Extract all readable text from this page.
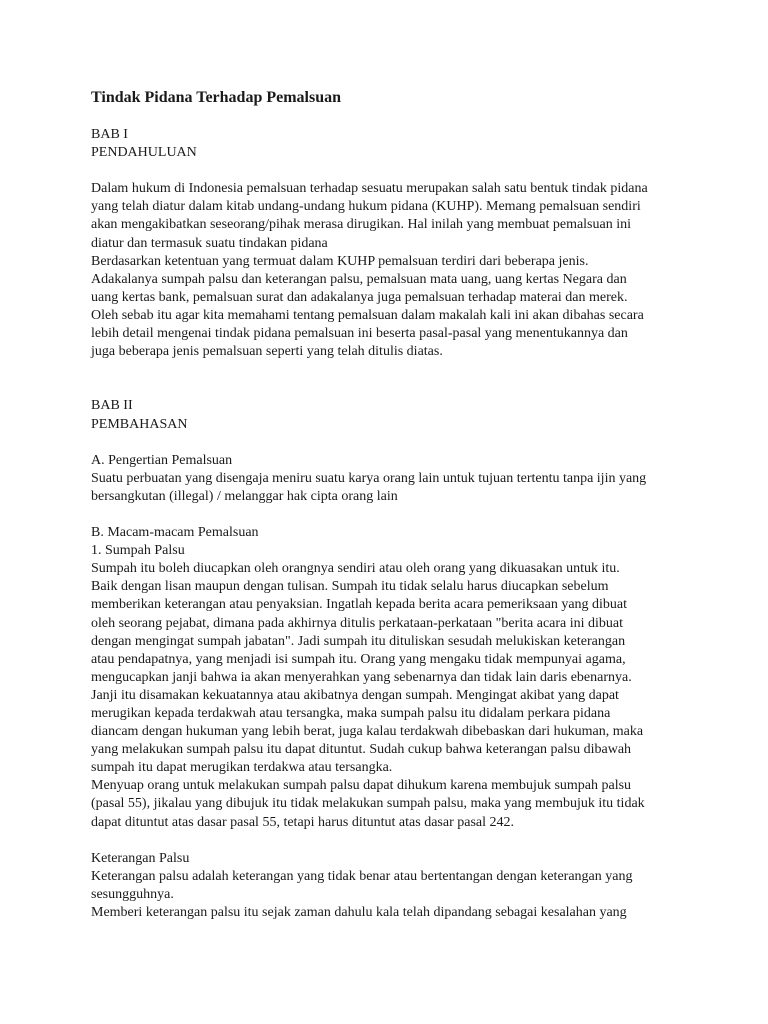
Tindak Pidana Terhadap Pemalsuan
BAB I
PENDAHULUAN
Dalam hukum di Indonesia pemalsuan terhadap sesuatu merupakan salah satu bentuk tindak pidana
yang telah diatur dalam kitab undang-undang hukum pidana (KUHP). Memang pemalsuan sendiri
akan mengakibatkan seseorang/pihak merasa dirugikan. Hal inilah yang membuat pemalsuan ini
diatur dan termasuk suatu tindakan pidana
Berdasarkan ketentuan yang termuat dalam KUHP pemalsuan terdiri dari beberapa jenis.
Adakalanya sumpah palsu dan keterangan palsu, pemalsuan mata uang, uang kertas Negara dan
uang kertas bank, pemalsuan surat dan adakalanya juga pemalsuan terhadap materai dan merek.
Oleh sebab itu agar kita memahami tentang pemalsuan dalam makalah kali ini akan dibahas secara
lebih detail mengenai tindak pidana pemalsuan ini beserta pasal-pasal yang menentukannya dan
juga beberapa jenis pemalsuan seperti yang telah ditulis diatas.
BAB II
PEMBAHASAN
A. Pengertian Pemalsuan
Suatu perbuatan yang disengaja meniru suatu karya orang lain untuk tujuan tertentu tanpa ijin yang
bersangkutan (illegal) / melanggar hak cipta orang lain
B. Macam-macam Pemalsuan
1. Sumpah Palsu
Sumpah itu boleh diucapkan oleh orangnya sendiri atau oleh orang yang dikuasakan untuk itu.
Baik dengan lisan maupun dengan tulisan. Sumpah itu tidak selalu harus diucapkan sebelum
memberikan keterangan atau penyaksian. Ingatlah kepada berita acara pemeriksaan yang dibuat
oleh seorang pejabat, dimana pada akhirnya ditulis perkataan-perkataan "berita acara ini dibuat
dengan mengingat sumpah jabatan". Jadi sumpah itu dituliskan sesudah melukiskan keterangan
atau pendapatnya, yang menjadi isi sumpah itu. Orang yang mengaku tidak mempunyai agama,
mengucapkan janji bahwa ia akan menyerahkan yang sebenarnya dan tidak lain daris ebenarnya.
Janji itu disamakan kekuatannya atau akibatnya dengan sumpah. Mengingat akibat yang dapat
merugikan kepada terdakwah atau tersangka, maka sumpah palsu itu didalam perkara pidana
diancam dengan hukuman yang lebih berat, juga kalau terdakwah dibebaskan dari hukuman, maka
yang melakukan sumpah palsu itu dapat dituntut. Sudah cukup bahwa keterangan palsu dibawah
sumpah itu dapat merugikan terdakwa atau tersangka.
Menyuap orang untuk melakukan sumpah palsu dapat dihukum karena membujuk sumpah palsu
(pasal 55), jikalau yang dibujuk itu tidak melakukan sumpah palsu, maka yang membujuk itu tidak
dapat dituntut atas dasar pasal 55, tetapi harus dituntut atas dasar pasal 242.
Keterangan Palsu
Keterangan palsu adalah keterangan yang tidak benar atau bertentangan dengan keterangan yang
sesungguhnya.
Memberi keterangan palsu itu sejak zaman dahulu kala telah dipandang sebagai kesalahan yang
